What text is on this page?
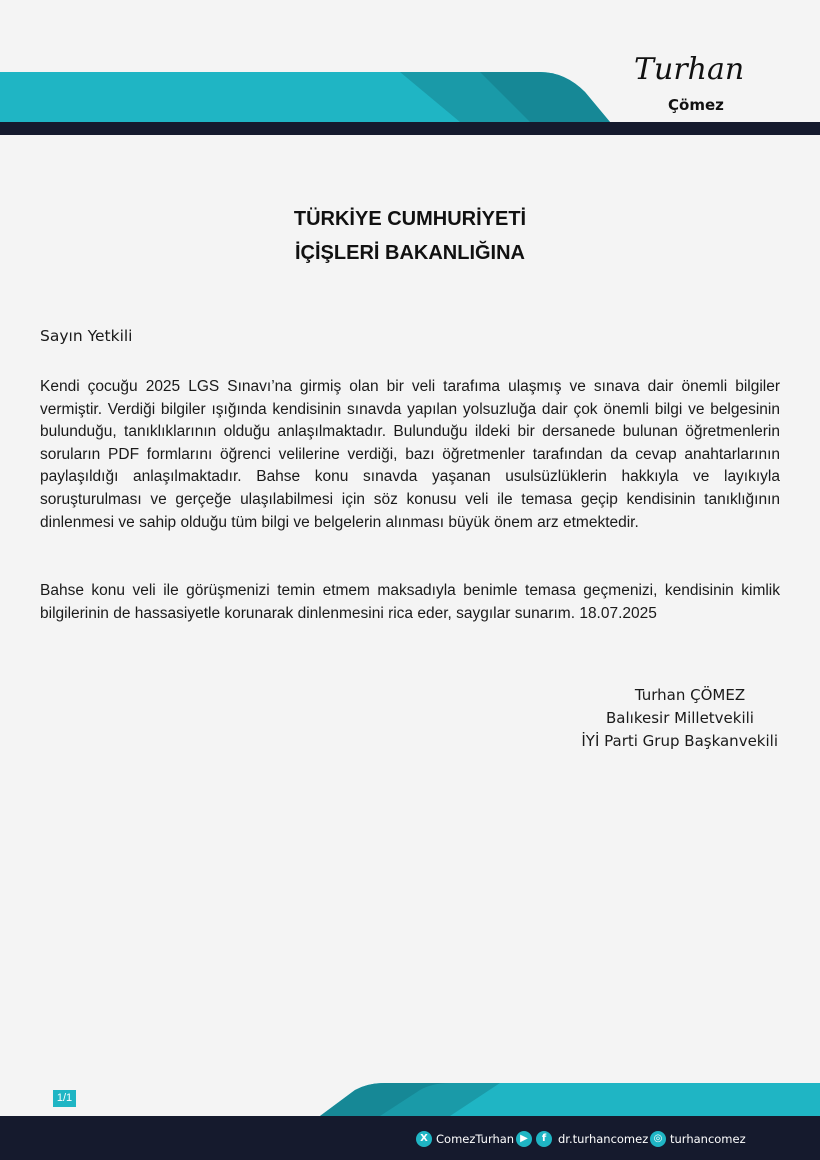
Turhan
Çömez
TÜRKİYE CUMHURİYETİ
İÇİŞLERİ BAKANLIĞINA
Sayın Yetkili
Kendi çocuğu 2025 LGS Sınavı’na girmiş olan bir veli tarafıma ulaşmış ve sınava dair önemli bilgiler vermiştir. Verdiği bilgiler ışığında kendisinin sınavda yapılan yolsuzluğa dair çok önemli bilgi ve belgesinin bulunduğu, tanıklıklarının olduğu anlaşılmaktadır. Bulunduğu ildeki bir dersanede bulunan öğretmenlerin soruların PDF formlarını öğrenci velilerine verdiği, bazı öğretmenler tarafından da cevap anahtarlarının paylaşıldığı anlaşılmaktadır. Bahse konu sınavda yaşanan usulsüzlüklerin hakkıyla ve layıkıyla soruşturulması ve gerçeğe ulaşılabilmesi için söz konusu veli ile temasa geçip kendisinin tanıklığının dinlenmesi ve sahip olduğu tüm bilgi ve belgelerin alınması büyük önem arz etmektedir.
Bahse konu veli ile görüşmenizi temin etmem maksadıyla benimle temasa geçmenizi, kendisinin kimlik bilgilerinin de hassasiyetle korunarak dinlenmesini rica eder, saygılar sunarım. 18.07.2025
Turhan ÇÖMEZ
Balıkesir Milletvekili
İYİ Parti Grup Başkanvekili
1/1
X ComezTurhan ▶	f	dr.turhancomez ◎ turhancomez
